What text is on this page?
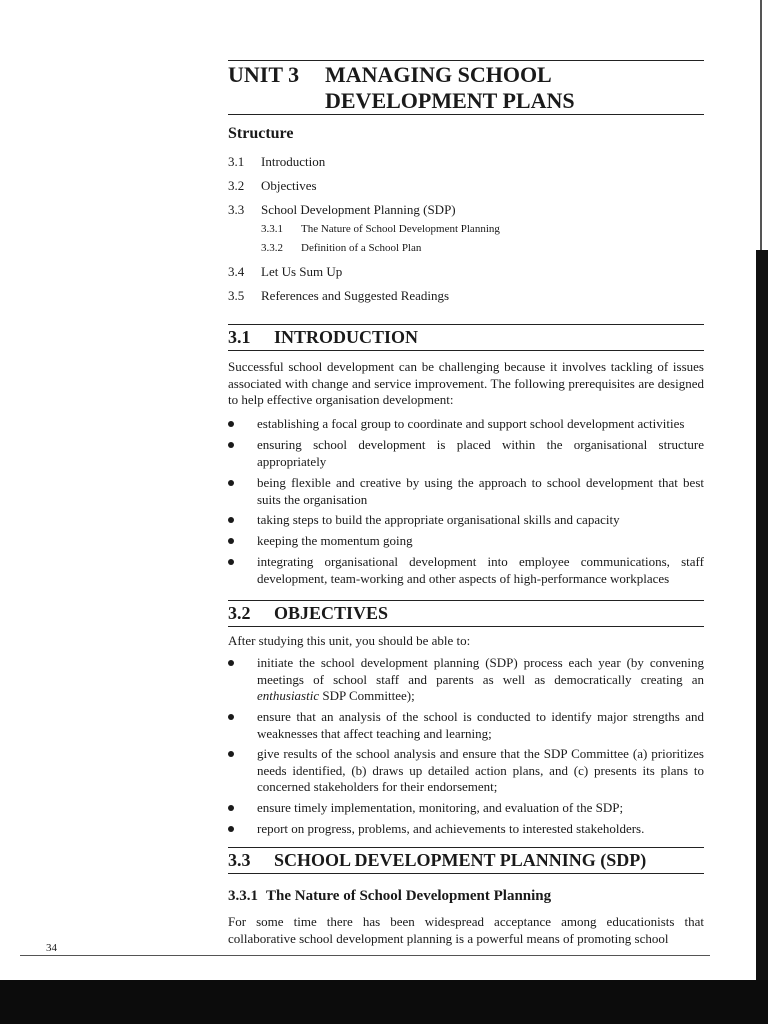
UNIT 3 MANAGING SCHOOL
DEVELOPMENT PLANS
Structure
3.1 Introduction
3.2 Objectives
3.3 School Development Planning (SDP)
3.3.1 The Nature of School Development Planning
3.3.2 Definition of a School Plan
3.4 Let Us Sum Up
3.5 References and Suggested Readings
3.1 INTRODUCTION
Successful school development can be challenging because it involves tackling of issues associated with change and service improvement. The following prerequisites are designed to help effective organisation development:
establishing a focal group to coordinate and support school development activities
ensuring school development is placed within the organisational structure appropriately
being flexible and creative by using the approach to school development that best suits the organisation
taking steps to build the appropriate organisational skills and capacity
keeping the momentum going
integrating organisational development into employee communications, staff development, team-working and other aspects of high-performance workplaces
3.2 OBJECTIVES
After studying this unit, you should be able to:
initiate the school development planning (SDP) process each year (by convening meetings of school staff and parents as well as democratically creating an enthusiastic SDP Committee);
ensure that an analysis of the school is conducted to identify major strengths and weaknesses that affect teaching and learning;
give results of the school analysis and ensure that the SDP Committee (a) prioritizes needs identified, (b) draws up detailed action plans, and (c) presents its plans to concerned stakeholders for their endorsement;
ensure timely implementation, monitoring, and evaluation of the SDP;
report on progress, problems, and achievements to interested stakeholders.
3.3 SCHOOL DEVELOPMENT PLANNING (SDP)
3.3.1 The Nature of School Development Planning
For some time there has been widespread acceptance among educationists that collaborative school development planning is a powerful means of promoting school
34
